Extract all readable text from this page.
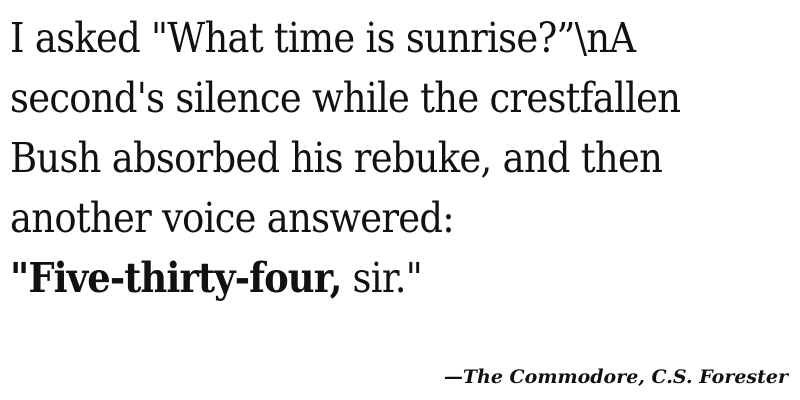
I asked "What time is sunrise?”\nA
second's silence while the crestfallen
Bush absorbed his rebuke, and then
another voice answered:
"Five-thirty-four, sir."
—The Commodore, C.S. Forester
